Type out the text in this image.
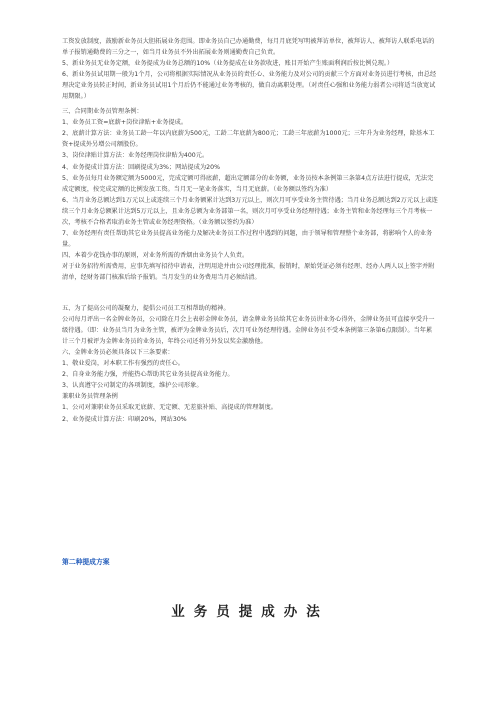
工资发放制度，鼓励新业务员大胆拓展业务范围。即业务员自己办通勤费，每月月底凭写明被拜访单位，被拜访人、被拜访人联系电话的单子报销通勤费的三分之一，如当月业务员不外出拓展业务则通勤费自己负责。

5、新业务员无业务定额，业务提成为业务总额的10%（业务提成在业务款收进，账目开始产生账面利润后按比例兑现。）

6、新业务员试用期一般为1个月，公司将根据实际情况从业务员的责任心、业务能力及对公司的贡献三个方面对业务员进行考核，由总经理决定业务员转正时间，新业务员试用1个月后仍不能通过业务考核的，做自动离职处理。（对责任心强和业务能力弱者公司将适当放宽试用期限。）

三、合同期业务员管理条例：

1、业务员工资=底薪+岗位津贴+业务提成。

2、底薪计算方法：业务员工龄一年以内底薪为500元，工龄二年底薪为800元；工龄三年底薪为1000元；三年升为业务经理，除基本工资+提成外另增公司额股份。

3、岗位津贴计算方法：业务经理岗位津贴为400元。

4、业务提成计算方法：回刷提成为3%；网站提成为20%

5、业务员每月业务额定额为5000元，完成定额可得底薪，超出定额部分的业务额，业务员按本条例第三条第4点方法进行提成，无法完成定额度，按完成定额的比例发放工资。当月无一笔业务落实，当月无底薪。（业务额以签约为准）

6、当月业务总额达到1万元以上或连续三个月业务额累计达到3万元以上，则次月可享受业务主管待遇；当月业务总额达到2万元以上或连续三个月业务总额累计达到5万元以上，且业务总额为业务部第一名，则次月可享受业务经理待遇；业务主管和业务经理每三个月考核一次，考核不合格者取消业务主管或业务经理资格。（业务额以签约为准）

7、业务经理有责任帮助其它业务员提高业务能力及解决业务员工作过程中遇到的问题，由于领导和管理整个业务部，将影响个人的业务量。

四、本着少花钱办事的原则，对业务所需的香烟由业务员个人负责。

对于业务招待所需费用，应事先填写招待申请表，注明用途并由公司经理批准，报销时，原始凭证必须有经理、经办人两人以上签字并附清单，经财务部门核准后给予报销。当月发生的业务费用当月必须结清。

五、为了提高公司的凝聚力，提倡公司员工互相帮助的精神。

公司每月评出一名金牌业务员，公司除在月会上表彰金牌业务员，请金牌业务员给其它业务员讲业务心得外，金牌业务员可直接享受升一级待遇。（即：业务员当月为业务主管，被评为金牌业务员后，次月可业务经理待遇。金牌业务员不受本条例第三条第6点限制）。当年累计三个月被评为金牌业务员的业务员，年终公司还将另外发以奖金激励他。

六、金牌业务员必须具备以下三条要素：

1、敬业爱岗，对本职工作有强烈的责任心。

2、自身业务能力强，并能热心帮助其它业务员提高业务能力。

3、认真遵守公司制定的各项制度，维护公司形象。

兼职业务员管理条例

1、公司对兼职业务员采取无底薪、无定额、无差旅补贴、高提成的管理制度。

2、业务提成计算方法：印刷20%，网站30%

第二种提成方案
业务员提成办法
